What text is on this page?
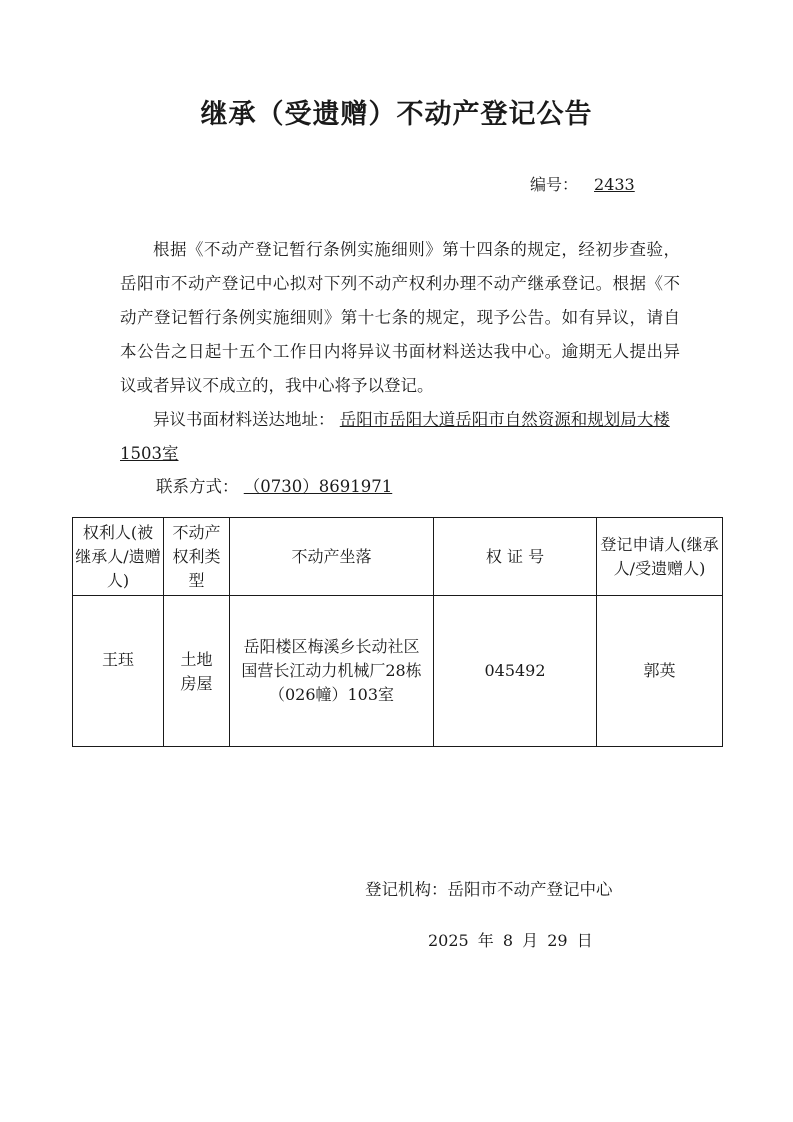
继承（受遗赠）不动产登记公告
编号： 2433

根据《不动产登记暂行条例实施细则》第十四条的规定，经初步查验，岳阳市不动产登记中心拟对下列不动产权利办理不动产继承登记。根据《不动产登记暂行条例实施细则》第十七条的规定，现予公告。如有异议，请自本公告之日起十五个工作日内将异议书面材料送达我中心。逾期无人提出异议或者异议不成立的，我中心将予以登记。

异议书面材料送达地址： 岳阳市岳阳大道岳阳市自然资源和规划局大楼1503室
联系方式： （0730）8691971
权利人(被继承人/遗赠人)	不动产权利类型	不动产坐落	权 证 号	登记申请人(继承人/受遗赠人)
王珏	土地房屋	岳阳楼区梅溪乡长动社区国营长江动力机械厂28栋（026幢）103室	045492	郭英
登记机构：岳阳市不动产登记中心
2025 年 8 月 29 日
